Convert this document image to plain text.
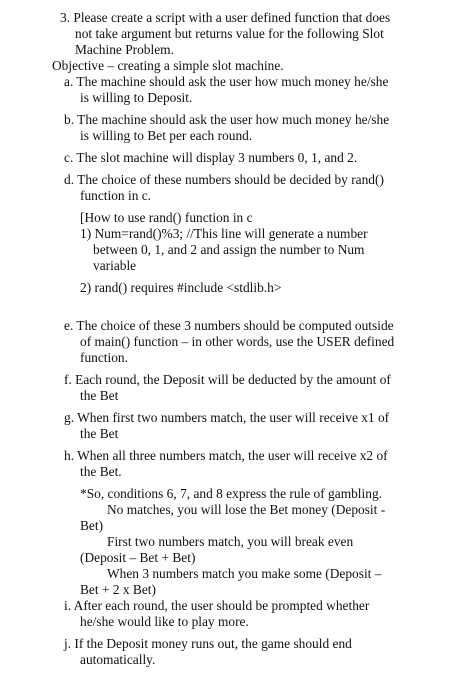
3. Please create a script with a user defined function that does
not take argument but returns value for the following Slot
Machine Problem.
Objective – creating a simple slot machine.
a. The machine should ask the user how much money he/she
is willing to Deposit.
b. The machine should ask the user how much money he/she
is willing to Bet per each round.
c. The slot machine will display 3 numbers 0, 1, and 2.
d. The choice of these numbers should be decided by rand()
function in c.
[How to use rand() function in c
1) Num=rand()%3; //This line will generate a number
between 0, 1, and 2 and assign the number to Num
variable
2) rand() requires #include <stdlib.h>
e. The choice of these 3 numbers should be computed outside
of main() function – in other words, use the USER defined
function.
f. Each round, the Deposit will be deducted by the amount of
the Bet
g. When first two numbers match, the user will receive x1 of
the Bet
h. When all three numbers match, the user will receive x2 of
the Bet.
*So, conditions 6, 7, and 8 express the rule of gambling.
No matches, you will lose the Bet money (Deposit -
Bet)
First two numbers match, you will break even
(Deposit – Bet + Bet)
When 3 numbers match you make some (Deposit –
Bet + 2 x Bet)
i. After each round, the user should be prompted whether
he/she would like to play more.
j. If the Deposit money runs out, the game should end
automatically.
